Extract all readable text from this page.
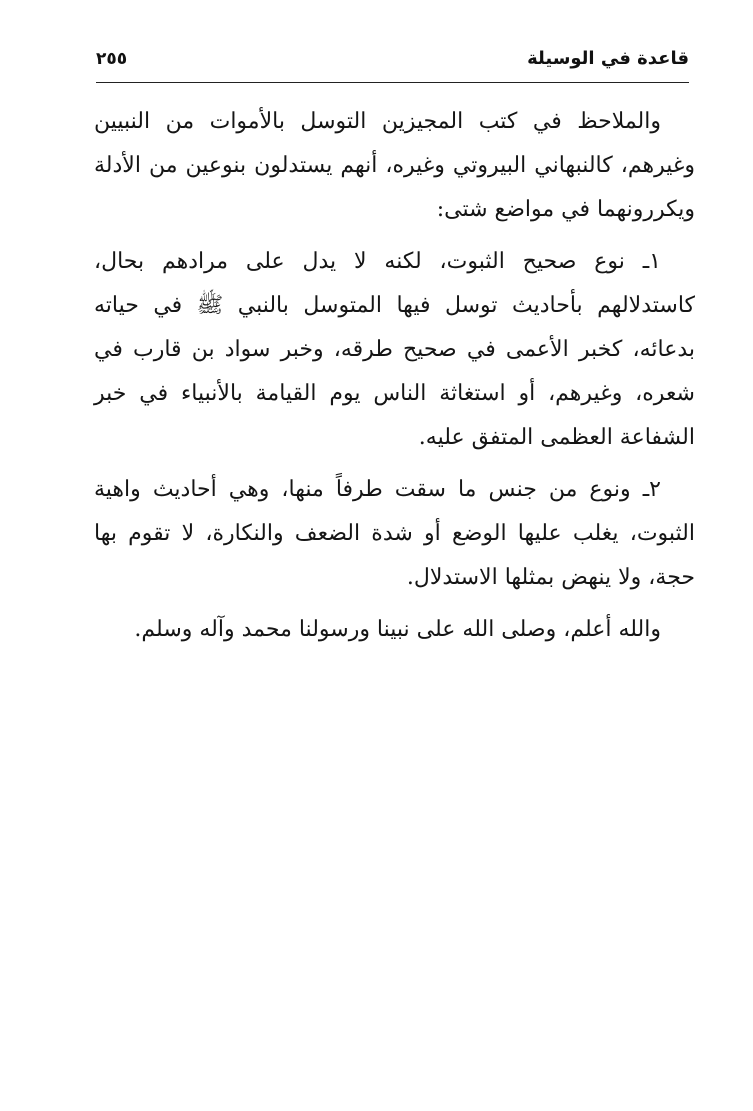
قاعدة في الوسيلة
٢٥٥

والملاحظ في كتب المجيزين التوسل بالأموات من النبيين وغيرهم، كالنبهاني البيروتي وغيره، أنهم يستدلون بنوعين من الأدلة ويكررونهما في مواضع شتى:

١ـ نوع صحيح الثبوت، لكنه لا يدل على مرادهم بحال، كاستدلالهم بأحاديث توسل فيها المتوسل بالنبي ﷺ في حياته بدعائه، كخبر الأعمى في صحيح طرقه، وخبر سواد بن قارب في شعره، وغيرهم، أو استغاثة الناس يوم القيامة بالأنبياء في خبر الشفاعة العظمى المتفق عليه.

٢ـ ونوع من جنس ما سقت طرفاً منها، وهي أحاديث واهية الثبوت، يغلب عليها الوضع أو شدة الضعف والنكارة، لا تقوم بها حجة، ولا ينهض بمثلها الاستدلال.

والله أعلم، وصلى الله على نبينا ورسولنا محمد وآله وسلم.
